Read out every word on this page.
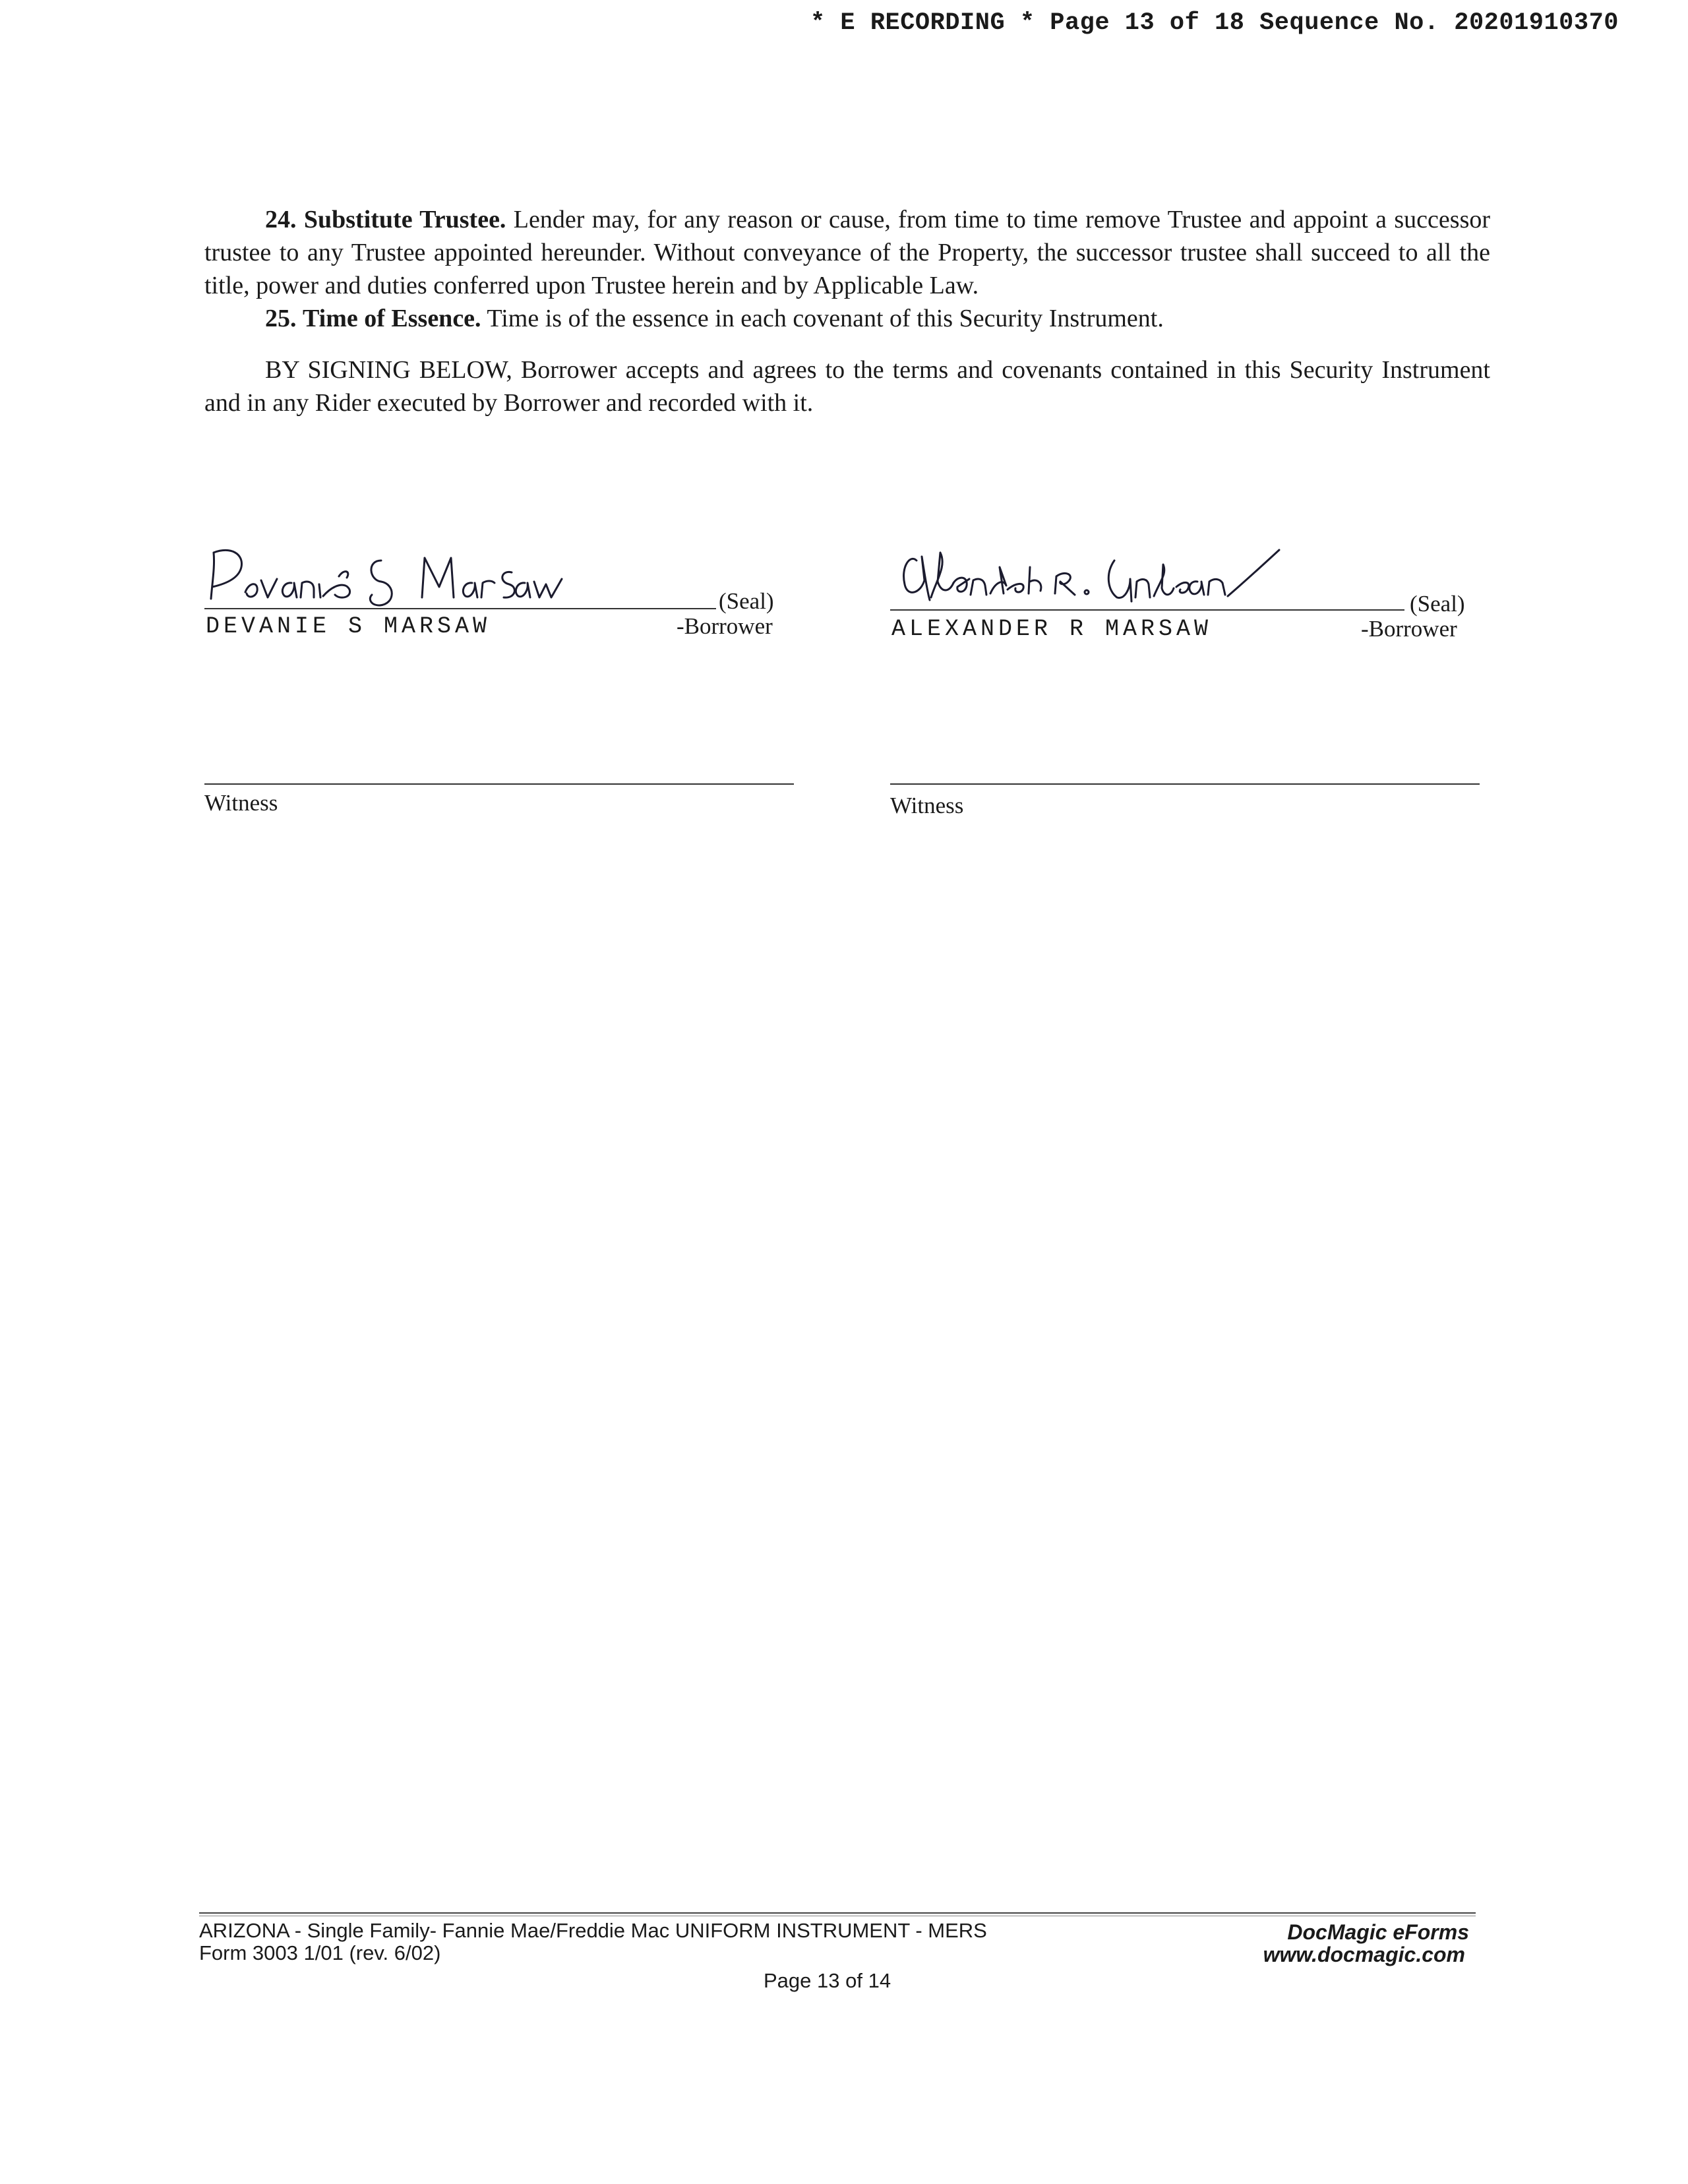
* E RECORDING * Page 13 of 18 Sequence No. 20201910370

24. Substitute Trustee. Lender may, for any reason or cause, from time to time remove Trustee and appoint a successor trustee to any Trustee appointed hereunder. Without conveyance of the Property, the successor trustee shall succeed to all the title, power and duties conferred upon Trustee herein and by Applicable Law.

25. Time of Essence. Time is of the essence in each covenant of this Security Instrument.

BY SIGNING BELOW, Borrower accepts and agrees to the terms and covenants contained in this Security Instrument and in any Rider executed by Borrower and recorded with it.

(Seal)
DEVANIE S MARSAW	-Borrower
(Seal)
ALEXANDER R MARSAW	-Borrower
Witness	Witness
ARIZONA - Single Family- Fannie Mae/Freddie Mac UNIFORM INSTRUMENT - MERS
Form 3003 1/01 (rev. 6/02)
Page 13 of 14
DocMagic eForms
www.docmagic.com
